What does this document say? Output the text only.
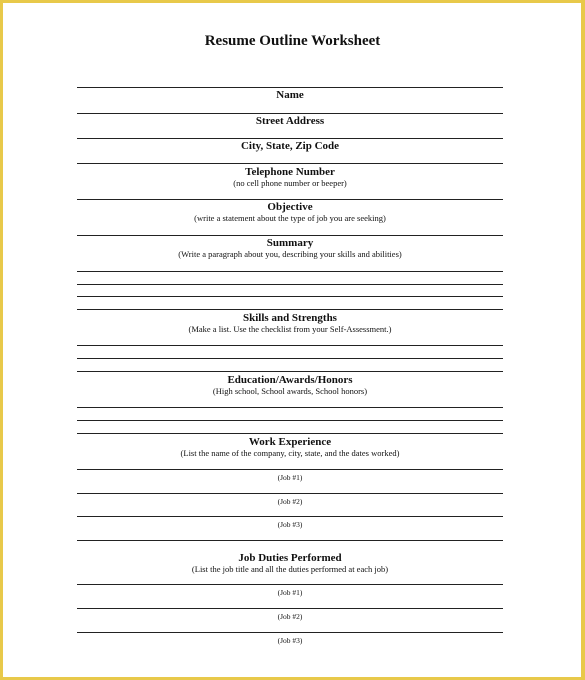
Resume Outline Worksheet
Name
Street Address
City, State, Zip Code
Telephone Number
(no cell phone number or beeper)
Objective
(write a statement about the type of job you are seeking)
Summary
(Write a paragraph about you, describing your skills and abilities)
Skills and Strengths
(Make a list. Use the checklist from your Self-Assessment.)
Education/Awards/Honors
(High school, School awards, School honors)
Work Experience
(List the name of the company, city, state, and the dates worked)
(Job #1)
(Job #2)
(Job #3)
Job Duties Performed
(List the job title and all the duties performed at each job)
(Job #1)
(Job #2)
(Job #3)
